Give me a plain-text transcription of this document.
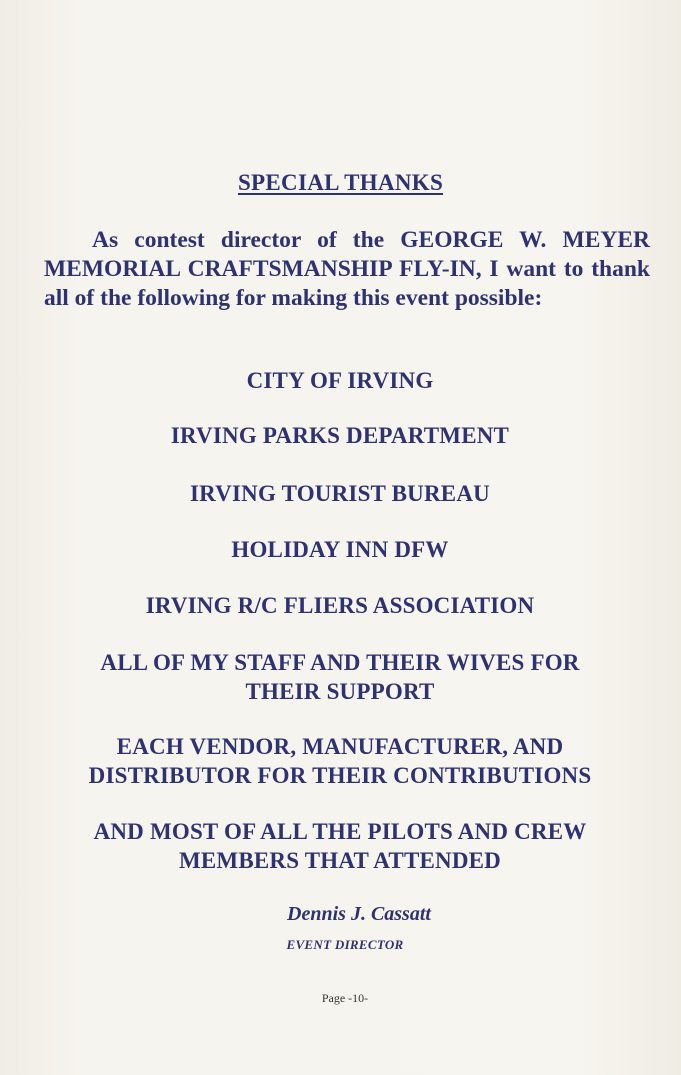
SPECIAL THANKS
As contest director of the GEORGE W. MEYER MEMORIAL CRAFTSMANSHIP FLY-IN, I want to thank all of the following for making this event possible:
CITY OF IRVING
IRVING PARKS DEPARTMENT
IRVING TOURIST BUREAU
HOLIDAY INN DFW
IRVING R/C FLIERS ASSOCIATION
ALL OF MY STAFF AND THEIR WIVES FOR
THEIR SUPPORT
EACH VENDOR, MANUFACTURER, AND
DISTRIBUTOR FOR THEIR CONTRIBUTIONS
AND MOST OF ALL THE PILOTS AND CREW
MEMBERS THAT ATTENDED
Dennis J. Cassatt
EVENT DIRECTOR
Page -10-
